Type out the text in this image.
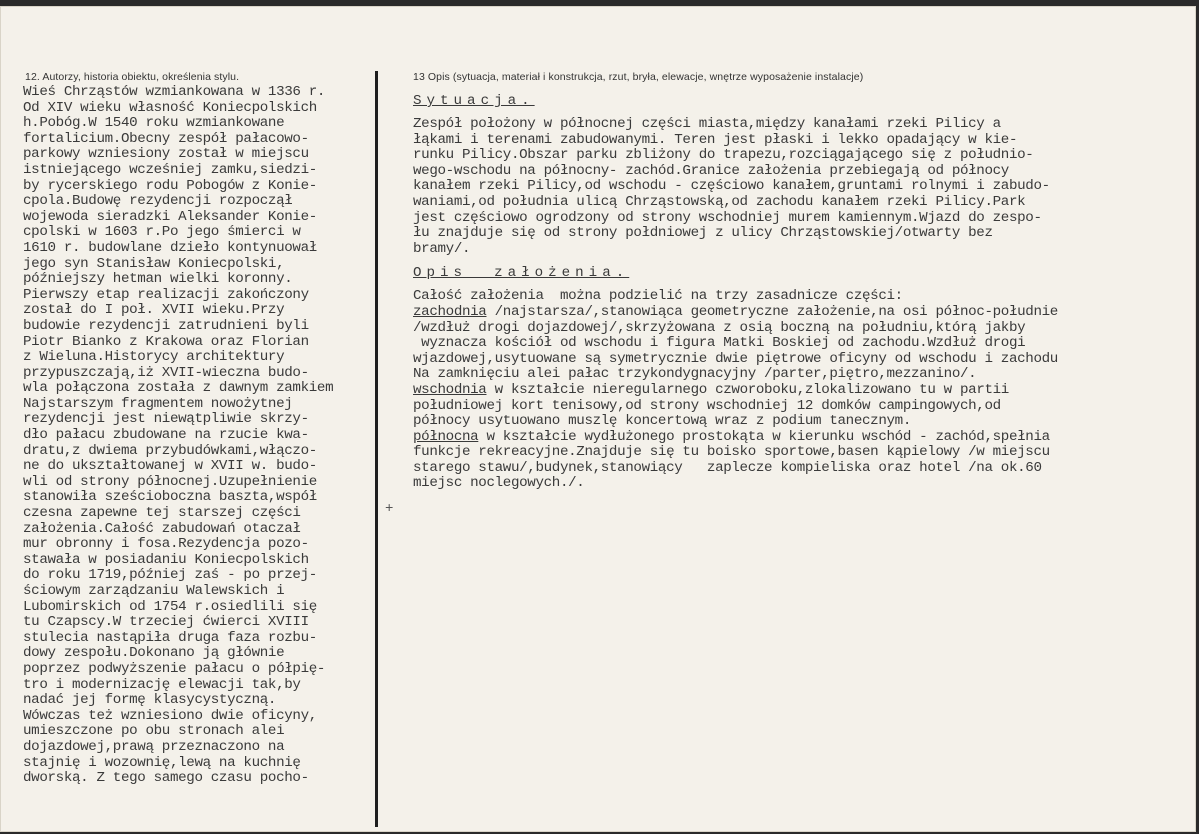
12. Autorzy, historia obiektu, określenia stylu.	13 Opis (sytuacja, materiał i konstrukcja, rzut, bryła, elewacje, wnętrze wyposażenie instalacje)
Wieś Chrząstów wzmiankowana w 1336 r.
Od XIV wieku własność Koniecpolskich
h.Pobóg.W 1540 roku wzmiankowane
fortalicium.Obecny zespół pałacowo-
parkowy wzniesiony został w miejscu
istniejącego wcześniej zamku,siedzi-
by rycerskiego rodu Pobogów z Konie-
cpola.Budowę rezydencji rozpoczął
wojewoda sieradzki Aleksander Konie-
cpolski w 1603 r.Po jego śmierci w
1610 r. budowlane dzieło kontynuował
jego syn Stanisław Koniecpolski,
późniejszy hetman wielki koronny.
Pierwszy etap realizacji zakończony
został do I poł. XVII wieku.Przy
budowie rezydencji zatrudnieni byli
Piotr Bianko z Krakowa oraz Florian
z Wieluna.Historycy architektury
przypuszczają,iż XVII-wieczna budo-
wla połączona została z dawnym zamkiem
Najstarszym fragmentem nowożytnej
rezydencji jest niewątpliwie skrzy-
dło pałacu zbudowane na rzucie kwa-
dratu,z dwiema przybudówkami,włączo-
ne do ukształtowanej w XVII w. budo-
wli od strony północnej.Uzupełnienie
stanowiła sześcioboczna baszta,współ
czesna zapewne tej starszej części
założenia.Całość zabudowań otaczał
mur obronny i fosa.Rezydencja pozo-
stawała w posiadaniu Koniecpolskich
do roku 1719,później zaś - po przej-
ściowym zarządzaniu Walewskich i
Lubomirskich od 1754 r.osiedlili się
tu Czapscy.W trzeciej ćwierci XVIII
stulecia nastąpiła druga faza rozbu-
dowy zespołu.Dokonano ją głównie
poprzez podwyższenie pałacu o półpię-
tro i modernizację elewacji tak,by
nadać jej formę klasycystyczną.
Wówczas też wzniesiono dwie oficyny,
umieszczone po obu stronach alei
dojazdowej,prawą przeznaczono na
stajnię i wozownię,lewą na kuchnię
dworską. Z tego samego czasu pocho-
+
Sytuacja.
Zespół położony w północnej części miasta,między kanałami rzeki Pilicy a
łąkami i terenami zabudowanymi. Teren jest płaski i lekko opadający w kie-
runku Pilicy.Obszar parku zbliżony do trapezu,rozciągającego się z południo-
wego-wschodu na północny- zachód.Granice założenia przebiegają od północy
kanałem rzeki Pilicy,od wschodu - częściowo kanałem,gruntami rolnymi i zabudo-
waniami,od południa ulicą Chrząstowską,od zachodu kanałem rzeki Pilicy.Park
jest częściowo ogrodzony od strony wschodniej murem kamiennym.Wjazd do zespo-
łu znajduje się od strony połdniowej z ulicy Chrząstowskiej/otwarty bez
bramy/.
Opis  założenia.
Całość założenia  można podzielić na trzy zasadnicze części:
zachodnia /najstarsza/,stanowiąca geometryczne założenie,na osi północ-południe
/wzdłuż drogi dojazdowej/,skrzyżowana z osią boczną na południu,którą jakby
wyznacza kościół od wschodu i figura Matki Boskiej od zachodu.Wzdłuż drogi
wjazdowej,usytuowane są symetrycznie dwie piętrowe oficyny od wschodu i zachodu
Na zamknięciu alei pałac trzykondygnacyjny /parter,piętro,mezzanino/.
wschodnia w kształcie nieregularnego czworoboku,zlokalizowano tu w partii
południowej kort tenisowy,od strony wschodniej 12 domków campingowych,od
północy usytuowano muszlę koncertową wraz z podium tanecznym.
północna w kształcie wydłużonego prostokąta w kierunku wschód - zachód,spełnia
funkcje rekreacyjne.Znajduje się tu boisko sportowe,basen kąpielowy /w miejscu
starego stawu/,budynek,stanowiący   zaplecze kompieliska oraz hotel /na ok.60
miejsc noclegowych./.
